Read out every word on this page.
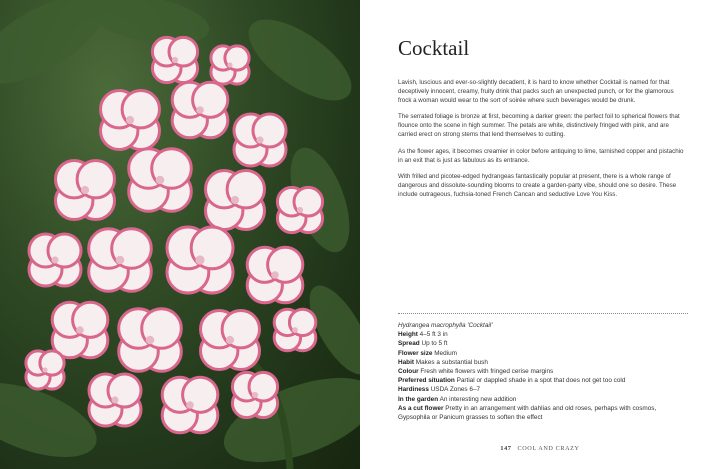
Cocktail

Lavish, luscious and ever-so-slightly decadent, it is hard to know whether Cocktail is named for that deceptively innocent, creamy, fruity drink that packs such an unexpected punch, or for the glamorous frock a woman would wear to the sort of soirée where such beverages would be drunk.

The serrated foliage is bronze at first, becoming a darker green: the perfect foil to spherical flowers that flounce onto the scene in high summer. The petals are white, distinctively fringed with pink, and are carried erect on strong stems that lend themselves to cutting.

As the flower ages, it becomes creamier in color before antiquing to lime, tarnished copper and pistachio in an exit that is just as fabulous as its entrance.

With frilled and picotee-edged hydrangeas fantastically popular at present, there is a whole range of dangerous and dissolute-sounding blooms to create a garden-party vibe, should one so desire. These include outrageous, fuchsia-toned French Cancan and seductive Love You Kiss.

Hydrangea macrophylla 'Cocktail'
Height 4–5 ft 3 in
Spread Up to 5 ft
Flower size Medium
Habit Makes a substantial bush
Colour Fresh white flowers with fringed cerise margins
Preferred situation Partial or dappled shade in a spot that does not get too cold
Hardiness USDA Zones 6–7
In the garden An interesting new addition
As a cut flower Pretty in an arrangement with dahlias and old roses, perhaps with cosmos, Gypsophila or Panicum grasses to soften the effect
147 COOL AND CRAZY
